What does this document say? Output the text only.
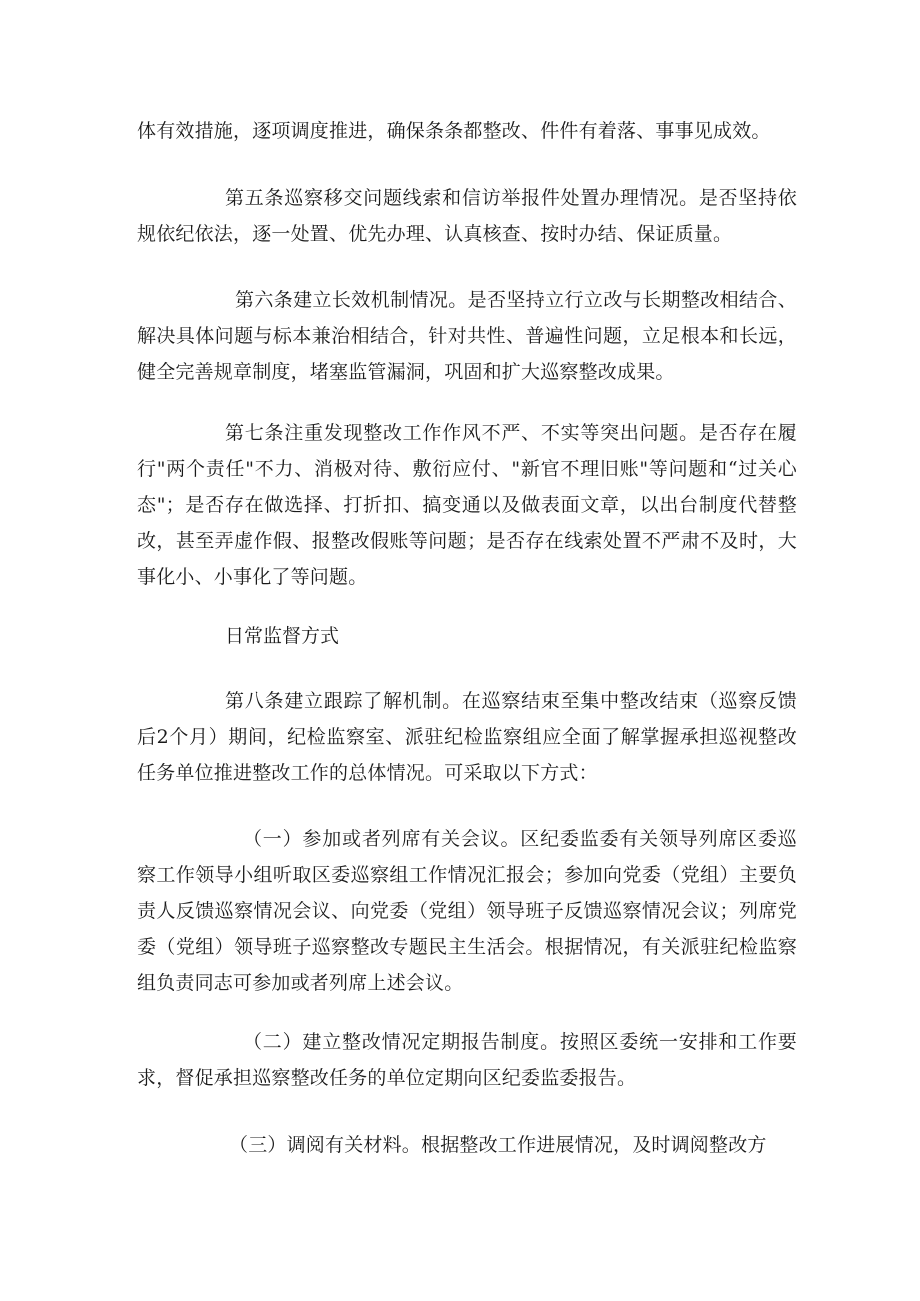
体有效措施，逐项调度推进，确保条条都整改、件件有着落、事事见成效。

第五条巡察移交问题线索和信访举报件处置办理情况。是否坚持依规依纪依法，逐一处置、优先办理、认真核查、按时办结、保证质量。

第六条建立长效机制情况。是否坚持立行立改与长期整改相结合、解决具体问题与标本兼治相结合，针对共性、普遍性问题，立足根本和长远，健全完善规章制度，堵塞监管漏洞，巩固和扩大巡察整改成果。

第七条注重发现整改工作作风不严、不实等突出问题。是否存在履行"两个责任"不力、消极对待、敷衍应付、"新官不理旧账"等问题和“过关心态"；是否存在做选择、打折扣、搞变通以及做表面文章，以出台制度代替整改，甚至弄虚作假、报整改假账等问题；是否存在线索处置不严肃不及时，大事化小、小事化了等问题。

日常监督方式

第八条建立跟踪了解机制。在巡察结束至集中整改结束（巡察反馈后2个月）期间，纪检监察室、派驻纪检监察组应全面了解掌握承担巡视整改任务单位推进整改工作的总体情况。可采取以下方式：

（一）参加或者列席有关会议。区纪委监委有关领导列席区委巡察工作领导小组听取区委巡察组工作情况汇报会；参加向党委（党组）主要负责人反馈巡察情况会议、向党委（党组）领导班子反馈巡察情况会议；列席党委（党组）领导班子巡察整改专题民主生活会。根据情况，有关派驻纪检监察组负责同志可参加或者列席上述会议。

（二）建立整改情况定期报告制度。按照区委统一安排和工作要求，督促承担巡察整改任务的单位定期向区纪委监委报告。

（三）调阅有关材料。根据整改工作进展情况，及时调阅整改方
